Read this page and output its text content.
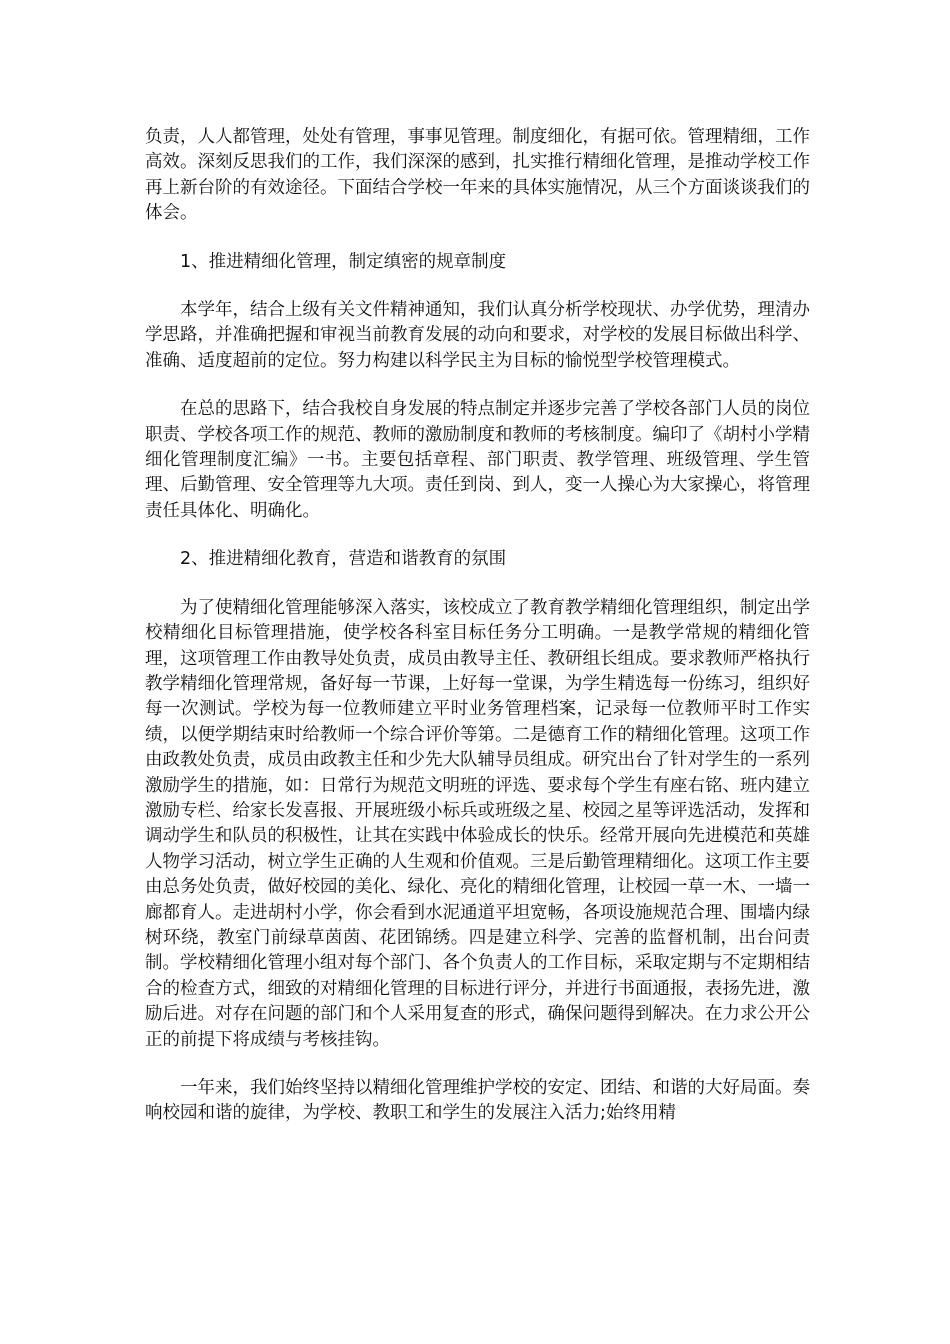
负责，人人都管理，处处有管理，事事见管理。制度细化，有据可依。管理精细，工作高效。深刻反思我们的工作，我们深深的感到，扎实推行精细化管理，是推动学校工作再上新台阶的有效途径。下面结合学校一年来的具体实施情况，从三个方面谈谈我们的体会。

1、推进精细化管理，制定缜密的规章制度

本学年，结合上级有关文件精神通知，我们认真分析学校现状、办学优势，理清办学思路，并准确把握和审视当前教育发展的动向和要求，对学校的发展目标做出科学、准确、适度超前的定位。努力构建以科学民主为目标的愉悦型学校管理模式。

在总的思路下，结合我校自身发展的特点制定并逐步完善了学校各部门人员的岗位职责、学校各项工作的规范、教师的激励制度和教师的考核制度。编印了《胡村小学精细化管理制度汇编》一书。主要包括章程、部门职责、教学管理、班级管理、学生管理、后勤管理、安全管理等九大项。责任到岗、到人，变一人操心为大家操心，将管理责任具体化、明确化。

2、推进精细化教育，营造和谐教育的氛围

为了使精细化管理能够深入落实，该校成立了教育教学精细化管理组织，制定出学校精细化目标管理措施，使学校各科室目标任务分工明确。一是教学常规的精细化管理，这项管理工作由教导处负责，成员由教导主任、教研组长组成。要求教师严格执行教学精细化管理常规，备好每一节课，上好每一堂课，为学生精选每一份练习，组织好每一次测试。学校为每一位教师建立平时业务管理档案，记录每一位教师平时工作实绩，以便学期结束时给教师一个综合评价等第。二是德育工作的精细化管理。这项工作由政教处负责，成员由政教主任和少先大队辅导员组成。研究出台了针对学生的一系列激励学生的措施，如：日常行为规范文明班的评选、要求每个学生有座右铭、班内建立激励专栏、给家长发喜报、开展班级小标兵或班级之星、校园之星等评选活动，发挥和调动学生和队员的积极性，让其在实践中体验成长的快乐。经常开展向先进模范和英雄人物学习活动，树立学生正确的人生观和价值观。三是后勤管理精细化。这项工作主要由总务处负责，做好校园的美化、绿化、亮化的精细化管理，让校园一草一木、一墙一廊都育人。走进胡村小学，你会看到水泥通道平坦宽畅，各项设施规范合理、围墙内绿树环绕，教室门前绿草茵茵、花团锦绣。四是建立科学、完善的监督机制，出台问责制。学校精细化管理小组对每个部门、各个负责人的工作目标，采取定期与不定期相结合的检查方式，细致的对精细化管理的目标进行评分，并进行书面通报，表扬先进，激励后进。对存在问题的部门和个人采用复查的形式，确保问题得到解决。在力求公开公正的前提下将成绩与考核挂钩。

一年来，我们始终坚持以精细化管理维护学校的安定、团结、和谐的大好局面。奏响校园和谐的旋律，为学校、教职工和学生的发展注入活力;始终用精
